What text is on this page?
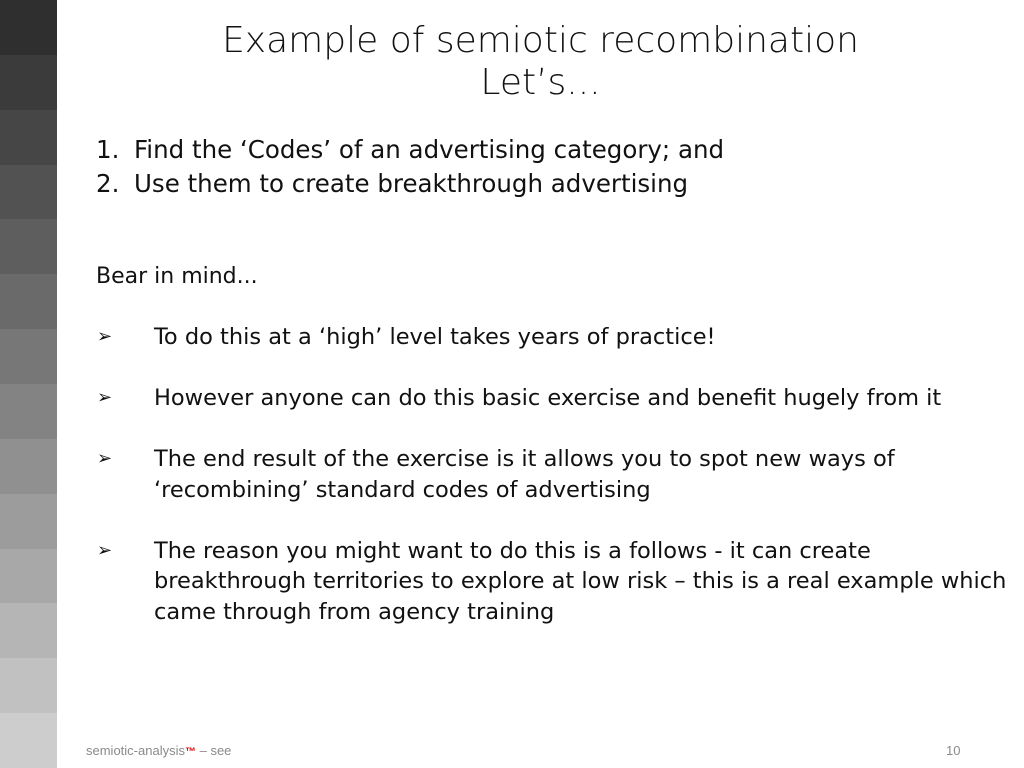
Example of semiotic recombination
Let’s...
1. Find the ‘Codes’ of an advertising category; and
2. Use them to create breakthrough advertising
Bear in mind...
➢	To do this at a ‘high’ level takes years of practice!
➢	However anyone can do this basic exercise and benefit hugely from it
➢	The end result of the exercise is it allows you to spot new ways of ‘recombining’ standard codes of advertising
➢	The reason you might want to do this is a follows - it can create breakthrough territories to explore at low risk – this is a real example which came through from agency training
semiotic-analysis™ – see	10
